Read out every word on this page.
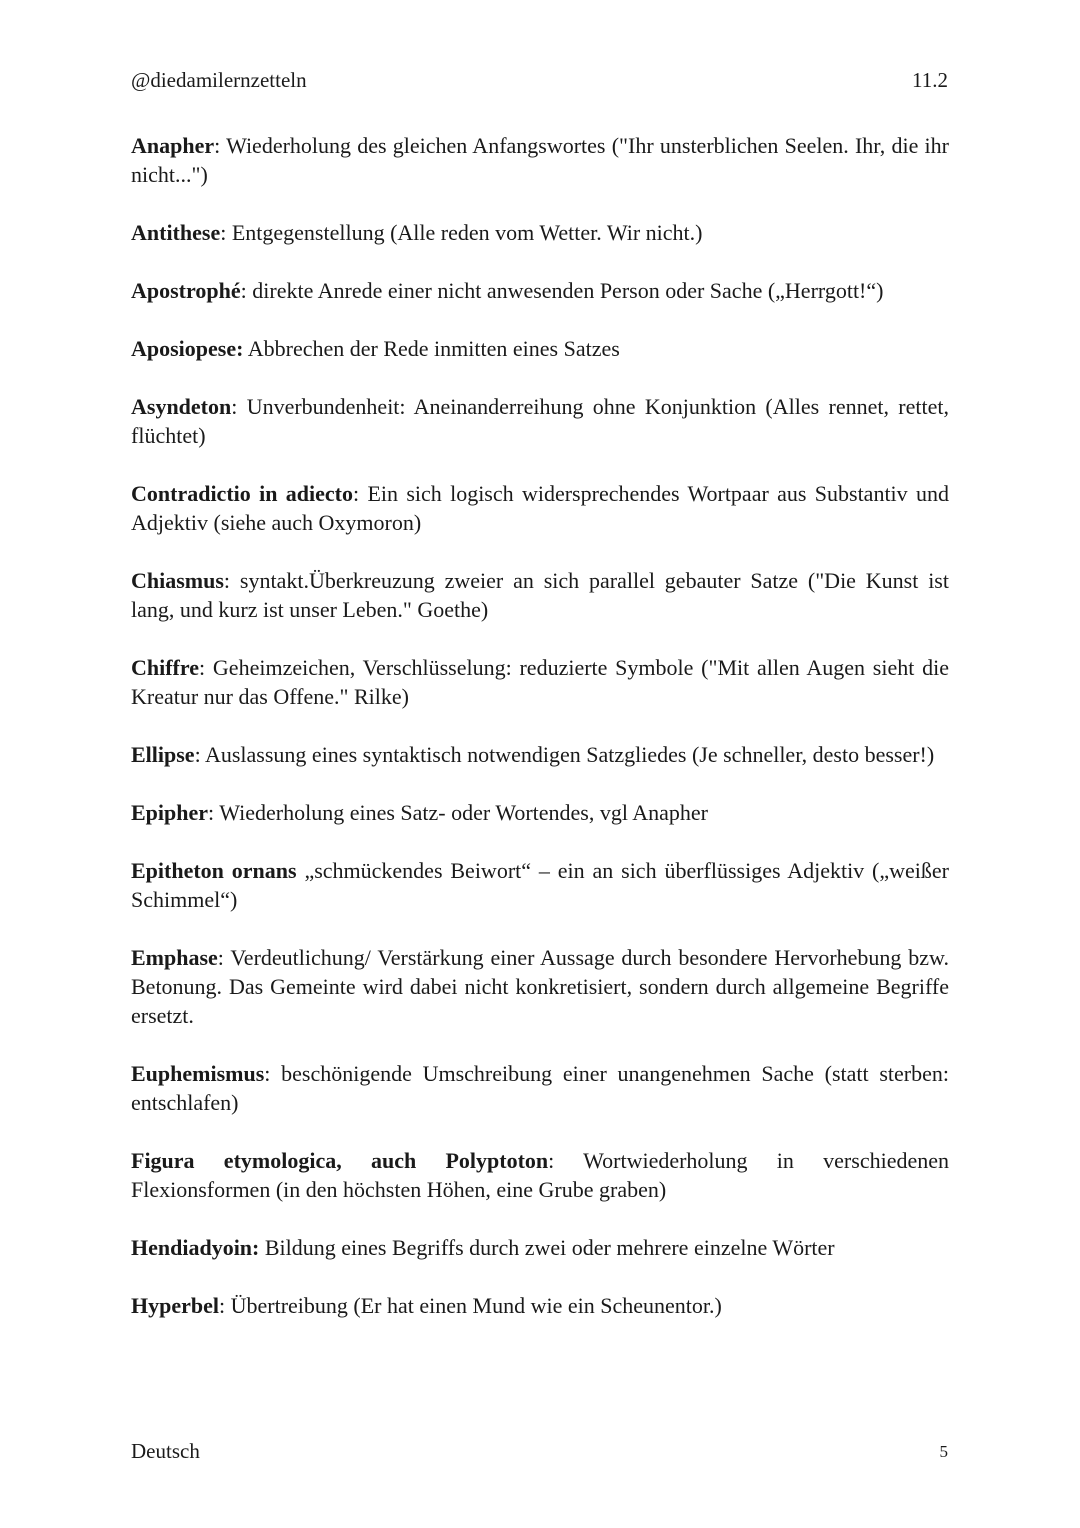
@diedamilernzetteln	11.2

Anapher: Wiederholung des gleichen Anfangswortes ("Ihr unsterblichen Seelen. Ihr, die ihr nicht...")

Antithese: Entgegenstellung (Alle reden vom Wetter. Wir nicht.)

Apostrophé: direkte Anrede einer nicht anwesenden Person oder Sache („Herrgott!“)

Aposiopese: Abbrechen der Rede inmitten eines Satzes

Asyndeton: Unverbundenheit: Aneinanderreihung ohne Konjunktion (Alles rennet, rettet, flüchtet)

Contradictio in adiecto: Ein sich logisch widersprechendes Wortpaar aus Substantiv und Adjektiv (siehe auch Oxymoron)

Chiasmus: syntakt.Überkreuzung zweier an sich parallel gebauter Satze ("Die Kunst ist lang, und kurz ist unser Leben." Goethe)

Chiffre: Geheimzeichen, Verschlüsselung: reduzierte Symbole ("Mit allen Augen sieht die Kreatur nur das Offene." Rilke)

Ellipse: Auslassung eines syntaktisch notwendigen Satzgliedes (Je schneller, desto besser!)

Epipher: Wiederholung eines Satz- oder Wortendes, vgl Anapher

Epitheton ornans „schmückendes Beiwort“ – ein an sich überflüssiges Adjektiv („weißer Schimmel“)

Emphase: Verdeutlichung/ Verstärkung einer Aussage durch besondere Hervorhebung bzw. Betonung. Das Gemeinte wird dabei nicht konkretisiert, sondern durch allgemeine Begriffe ersetzt.

Euphemismus: beschönigende Umschreibung einer unangenehmen Sache (statt sterben: entschlafen)

Figura etymologica, auch Polyptoton: Wortwiederholung in verschiedenen Flexionsformen (in den höchsten Höhen, eine Grube graben)

Hendiadyoin: Bildung eines Begriffs durch zwei oder mehrere einzelne Wörter

Hyperbel: Übertreibung (Er hat einen Mund wie ein Scheunentor.)

Deutsch	5
